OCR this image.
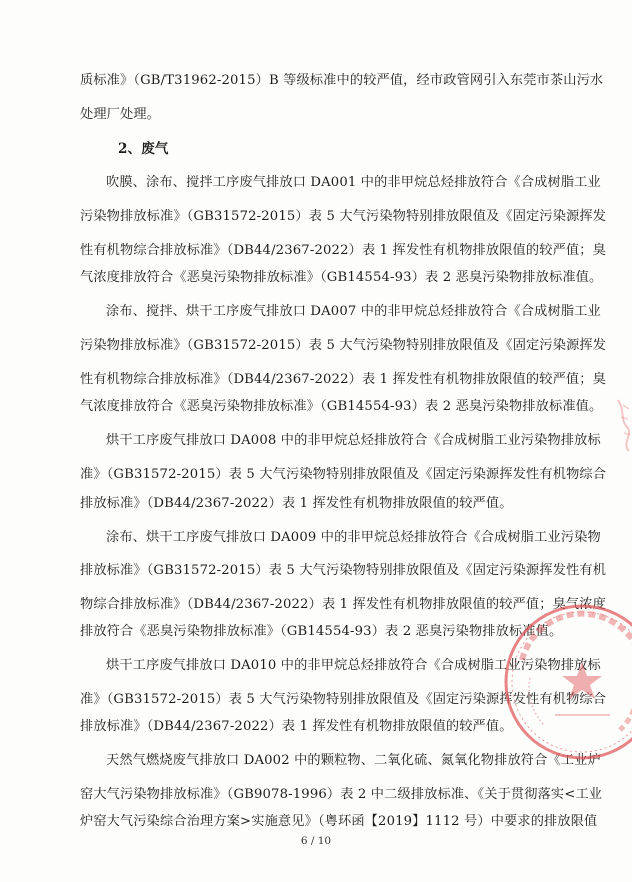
质标准》（GB/T31962-2015）B 等级标准中的较严值，经市政管网引入东莞市茶山污水
处理厂处理。
2、废气
吹膜、涂布、搅拌工序废气排放口 DA001 中的非甲烷总烃排放符合《合成树脂工业
污染物排放标准》（GB31572-2015）表 5 大气污染物特别排放限值及《固定污染源挥发
性有机物综合排放标准》（DB44/2367-2022）表 1 挥发性有机物排放限值的较严值；臭
气浓度排放符合《恶臭污染物排放标准》（GB14554-93）表 2 恶臭污染物排放标准值。
涂布、搅拌、烘干工序废气排放口 DA007 中的非甲烷总烃排放符合《合成树脂工业
污染物排放标准》（GB31572-2015）表 5 大气污染物特别排放限值及《固定污染源挥发
性有机物综合排放标准》（DB44/2367-2022）表 1 挥发性有机物排放限值的较严值；臭
气浓度排放符合《恶臭污染物排放标准》（GB14554-93）表 2 恶臭污染物排放标准值。
烘干工序废气排放口 DA008 中的非甲烷总烃排放符合《合成树脂工业污染物排放标
准》（GB31572-2015）表 5 大气污染物特别排放限值及《固定污染源挥发性有机物综合
排放标准》（DB44/2367-2022）表 1 挥发性有机物排放限值的较严值。
涂布、烘干工序废气排放口 DA009 中的非甲烷总烃排放符合《合成树脂工业污染物
排放标准》（GB31572-2015）表 5 大气污染物特别排放限值及《固定污染源挥发性有机
物综合排放标准》（DB44/2367-2022）表 1 挥发性有机物排放限值的较严值；臭气浓度
排放符合《恶臭污染物排放标准》（GB14554-93）表 2 恶臭污染物排放标准值。
烘干工序废气排放口 DA010 中的非甲烷总烃排放符合《合成树脂工业污染物排放标
准》（GB31572-2015）表 5 大气污染物特别排放限值及《固定污染源挥发性有机物综合
排放标准》（DB44/2367-2022）表 1 挥发性有机物排放限值的较严值。
天然气燃烧废气排放口 DA002 中的颗粒物、二氧化硫、氮氧化物排放符合《工业炉
窑大气污染物排放标准》（GB9078-1996）表 2 中二级排放标准、《关于贯彻落实<工业
炉窑大气污染综合治理方案>实施意见》（粤环函【2019】1112 号）中要求的排放限值
6 / 10
